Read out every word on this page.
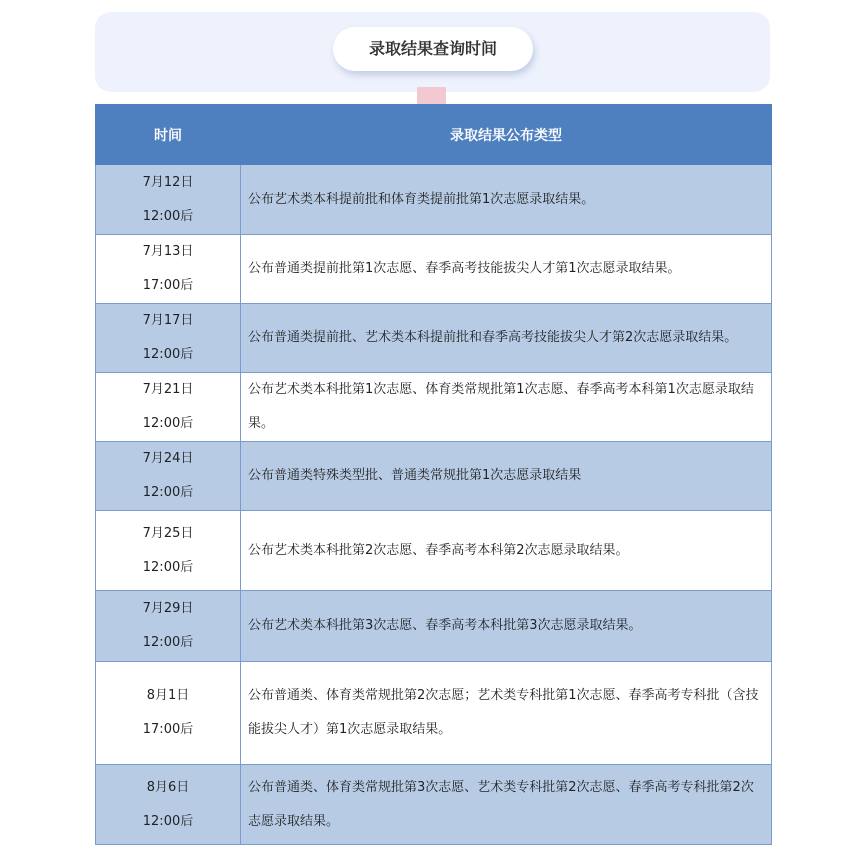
录取结果查询时间
时间	录取结果公布类型

7月12日
12:00后	公布艺术类本科提前批和体育类提前批第1次志愿录取结果。

7月13日
17:00后	公布普通类提前批第1次志愿、春季高考技能拔尖人才第1次志愿录取结果。

7月17日
12:00后	公布普通类提前批、艺术类本科提前批和春季高考技能拔尖人才第2次志愿录取结果。

7月21日
12:00后	公布艺术类本科批第1次志愿、体育类常规批第1次志愿、春季高考本科第1次志愿录取结果。

7月24日
12:00后	公布普通类特殊类型批、普通类常规批第1次志愿录取结果

7月25日
12:00后	公布艺术类本科批第2次志愿、春季高考本科第2次志愿录取结果。

7月29日
12:00后	公布艺术类本科批第3次志愿、春季高考本科批第3次志愿录取结果。

8月1日
17:00后	公布普通类、体育类常规批第2次志愿；艺术类专科批第1次志愿、春季高考专科批（含技能拔尖人才）第1次志愿录取结果。

8月6日
12:00后	公布普通类、体育类常规批第3次志愿、艺术类专科批第2次志愿、春季高考专科批第2次志愿录取结果。
